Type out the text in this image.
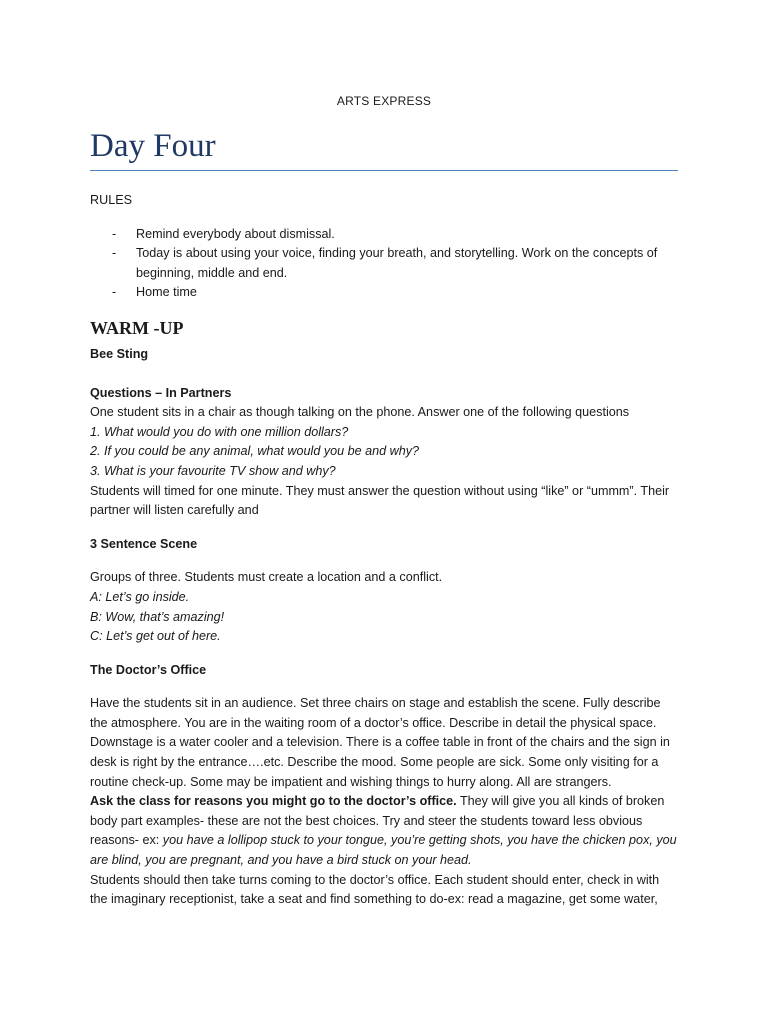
ARTS EXPRESS
Day Four

RULES

- Remind everybody about dismissal.
- Today is about using your voice, finding your breath, and storytelling. Work on the concepts of beginning, middle and end.
- Home time
WARM -UP

Bee Sting

Questions – In Partners

One student sits in a chair as though talking on the phone. Answer one of the following questions

1. What would you do with one million dollars?

2. If you could be any animal, what would you be and why?

3. What is your favourite TV show and why?

Students will timed for one minute. They must answer the question without using “like” or “ummm”. Their partner will listen carefully and

3 Sentence Scene

Groups of three. Students must create a location and a conflict.

A: Let’s go inside.

B: Wow, that’s amazing!

C: Let’s get out of here.

The Doctor’s Office

Have the students sit in an audience. Set three chairs on stage and establish the scene. Fully describe the atmosphere. You are in the waiting room of a doctor’s office. Describe in detail the physical space. Downstage is a water cooler and a television. There is a coffee table in front of the chairs and the sign in desk is right by the entrance….etc. Describe the mood. Some people are sick. Some only visiting for a routine check-up. Some may be impatient and wishing things to hurry along. All are strangers.

Ask the class for reasons you might go to the doctor’s office. They will give you all kinds of broken body part examples- these are not the best choices. Try and steer the students toward less obvious reasons- ex: you have a lollipop stuck to your tongue, you’re getting shots, you have the chicken pox, you are blind, you are pregnant, and you have a bird stuck on your head.

Students should then take turns coming to the doctor’s office. Each student should enter, check in with the imaginary receptionist, take a seat and find something to do-ex: read a magazine, get some water,
